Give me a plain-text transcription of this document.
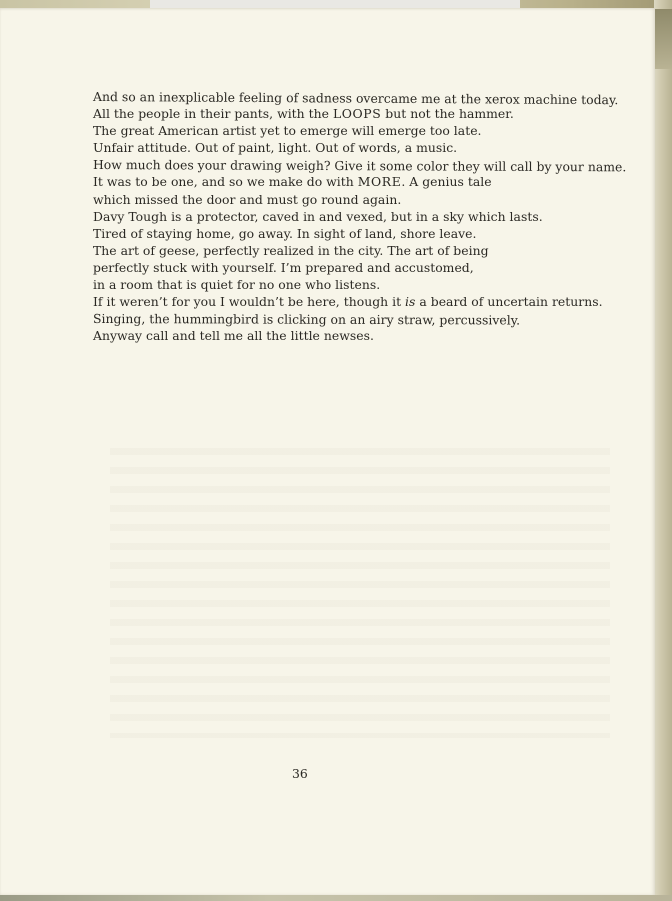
And so an inexplicable feeling of sadness overcame me at the xerox machine today.
All the people in their pants, with the LOOPS but not the hammer.
The great American artist yet to emerge will emerge too late.
Unfair attitude. Out of paint, light. Out of words, a music.
How much does your drawing weigh? Give it some color they will call by your name.
It was to be one, and so we make do with MORE. A genius tale
which missed the door and must go round again.
Davy Tough is a protector, caved in and vexed, but in a sky which lasts.
Tired of staying home, go away. In sight of land, shore leave.
The art of geese, perfectly realized in the city. The art of being
perfectly stuck with yourself. I’m prepared and accustomed,
in a room that is quiet for no one who listens.
If it weren’t for you I wouldn’t be here, though it is a beard of uncertain returns.
Singing, the hummingbird is clicking on an airy straw, percussively.
Anyway call and tell me all the little newses.
36
